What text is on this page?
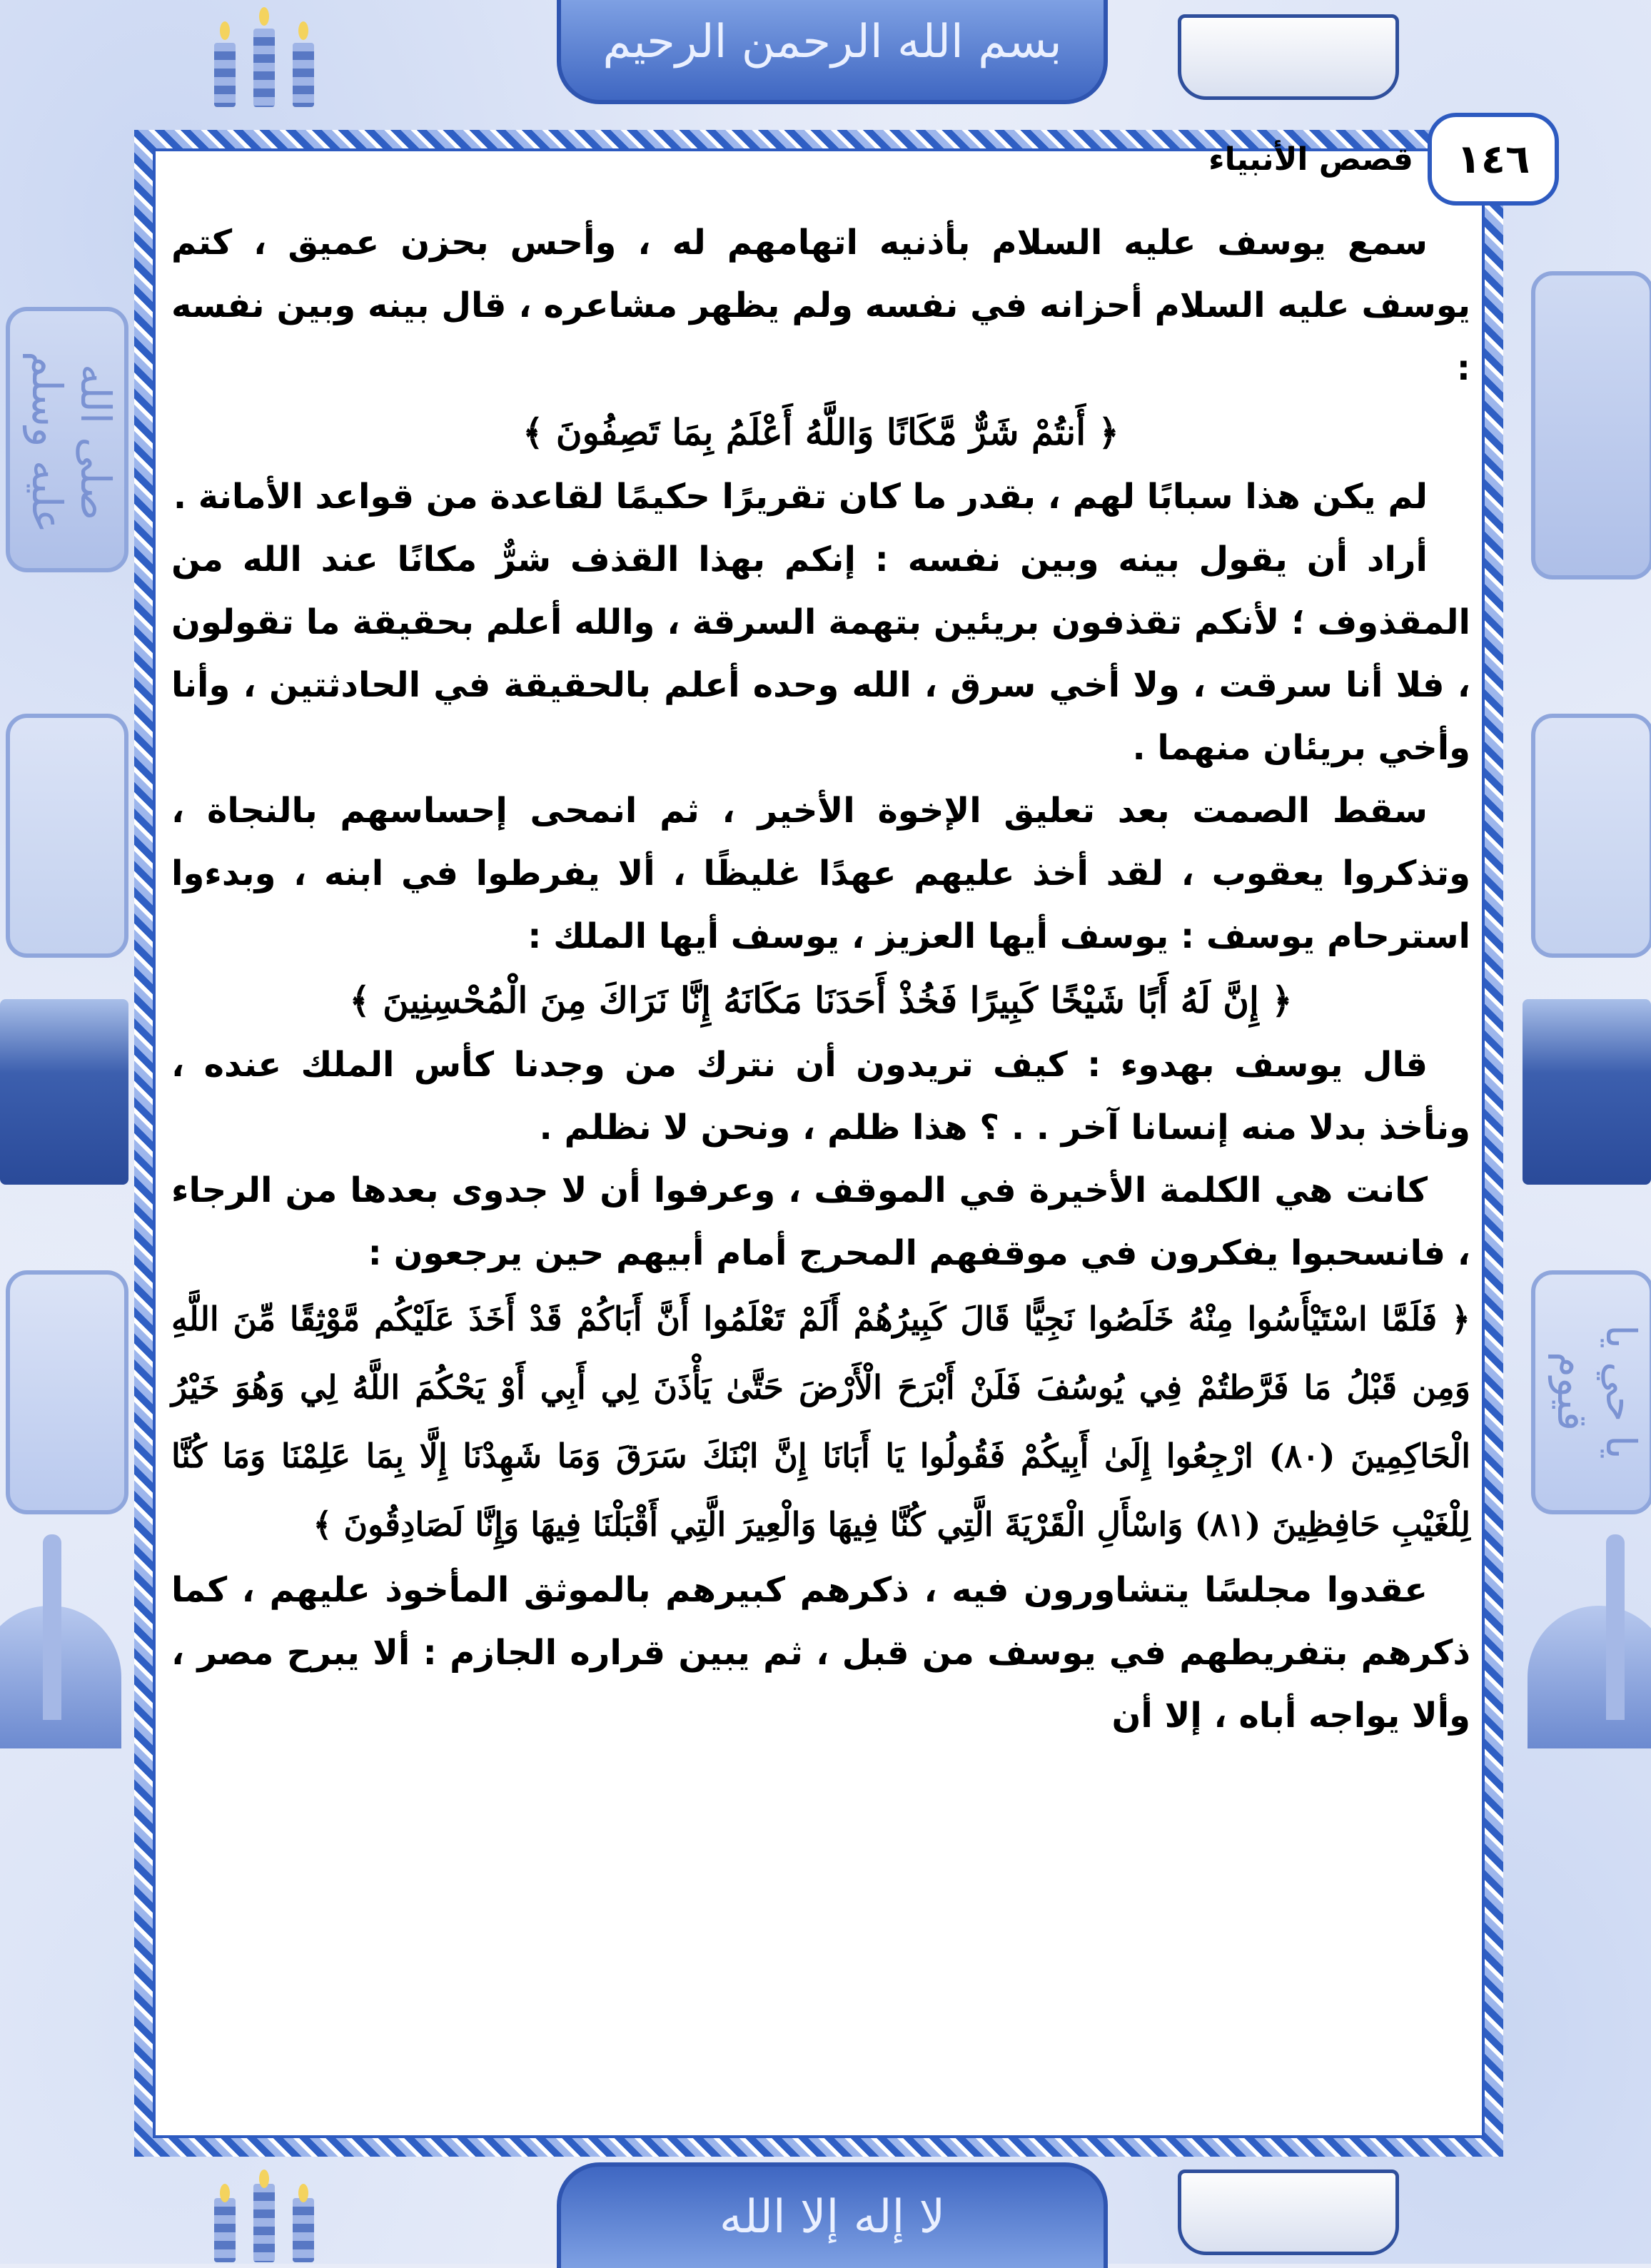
صلى الله عليه وسلم
يا حي يا قيوم
بسم الله الرحمن الرحيم
لا إله إلا الله
١٤٦
قصص الأنبياء

سمع يوسف عليه السلام بأذنيه اتهامهم له ، وأحس بحزن عميق ، كتم يوسف عليه السلام أحزانه في نفسه ولم يظهر مشاعره ، قال بينه وبين نفسه :

﴿ أَنتُمْ شَرٌّ مَّكَانًا وَاللَّهُ أَعْلَمُ بِمَا تَصِفُونَ ﴾

لم يكن هذا سبابًا لهم ، بقدر ما كان تقريرًا حكيمًا لقاعدة من قواعد الأمانة .

أراد أن يقول بينه وبين نفسه : إنكم بهذا القذف شرٌّ مكانًا عند الله من المقذوف ؛ لأنكم تقذفون بريئين بتهمة السرقة ، والله أعلم بحقيقة ما تقولون ، فلا أنا سرقت ، ولا أخي سرق ، الله وحده أعلم بالحقيقة في الحادثتين ، وأنا وأخي بريئان منهما .

سقط الصمت بعد تعليق الإخوة الأخير ، ثم انمحى إحساسهم بالنجاة ، وتذكروا يعقوب ، لقد أخذ عليهم عهدًا غليظًا ، ألا يفرطوا في ابنه ، وبدءوا استرحام يوسف : يوسف أيها العزيز ، يوسف أيها الملك :

﴿ إِنَّ لَهُ أَبًا شَيْخًا كَبِيرًا فَخُذْ أَحَدَنَا مَكَانَهُ إِنَّا نَرَاكَ مِنَ الْمُحْسِنِينَ ﴾

قال يوسف بهدوء : كيف تريدون أن نترك من وجدنا كأس الملك عنده ، ونأخذ بدلا منه إنسانا آخر . . ؟ هذا ظلم ، ونحن لا نظلم .

كانت هي الكلمة الأخيرة في الموقف ، وعرفوا أن لا جدوى بعدها من الرجاء ، فانسحبوا يفكرون في موقفهم المحرج أمام أبيهم حين يرجعون :

﴿ فَلَمَّا اسْتَيْأَسُوا مِنْهُ خَلَصُوا نَجِيًّا قَالَ كَبِيرُهُمْ أَلَمْ تَعْلَمُوا أَنَّ أَبَاكُمْ قَدْ أَخَذَ عَلَيْكُم مَّوْثِقًا مِّنَ اللَّهِ وَمِن قَبْلُ مَا فَرَّطتُمْ فِي يُوسُفَ فَلَنْ أَبْرَحَ الْأَرْضَ حَتَّىٰ يَأْذَنَ لِي أَبِي أَوْ يَحْكُمَ اللَّهُ لِي وَهُوَ خَيْرُ الْحَاكِمِينَ (٨٠) ارْجِعُوا إِلَىٰ أَبِيكُمْ فَقُولُوا يَا أَبَانَا إِنَّ ابْنَكَ سَرَقَ وَمَا شَهِدْنَا إِلَّا بِمَا عَلِمْنَا وَمَا كُنَّا لِلْغَيْبِ حَافِظِينَ (٨١) وَاسْأَلِ الْقَرْيَةَ الَّتِي كُنَّا فِيهَا وَالْعِيرَ الَّتِي أَقْبَلْنَا فِيهَا وَإِنَّا لَصَادِقُونَ ﴾

عقدوا مجلسًا يتشاورون فيه ، ذكرهم كبيرهم بالموثق المأخوذ عليهم ، كما ذكرهم بتفريطهم في يوسف من قبل ، ثم يبين قراره الجازم : ألا يبرح مصر ، وألا يواجه أباه ، إلا أن
